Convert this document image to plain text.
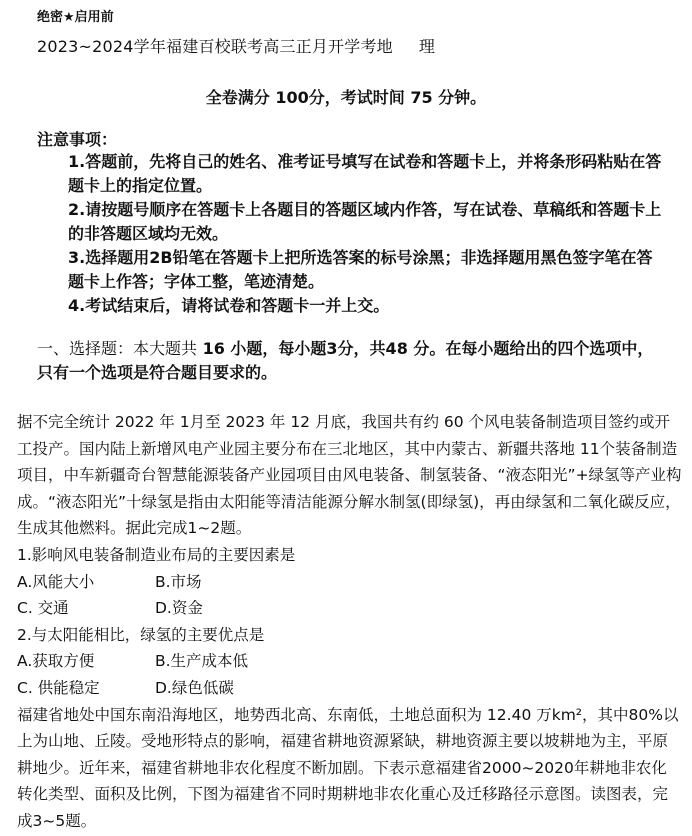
绝密★启用前
2023~2024学年福建百校联考高三正月开学考地 理
全卷满分 100分，考试时间 75 分钟。
注意事项：
1.答题前，先将自己的姓名、准考证号填写在试卷和答题卡上，并将条形码粘贴在答题卡上的指定位置。
2.请按题号顺序在答题卡上各题目的答题区域内作答，写在试卷、草稿纸和答题卡上的非答题区域均无效。
3.选择题用2B铅笔在答题卡上把所选答案的标号涂黑；非选择题用黑色签字笔在答题卡上作答；字体工整，笔迹清楚。
4.考试结束后，请将试卷和答题卡一并上交。
一、选择题：本大题共 16 小题，每小题3分，共48 分。在每小题给出的四个选项中，只有一个选项是符合题目要求的。

据不完全统计 2022 年 1月至 2023 年 12 月底，我国共有约 60 个风电装备制造项目签约或开工投产。国内陆上新增风电产业园主要分布在三北地区，其中内蒙古、新疆共落地 11个装备制造项目，中车新疆奇台智慧能源装备产业园项目由风电装备、制氢装备、“液态阳光”+绿氢等产业构成。“液态阳光”十绿氢是指由太阳能等清洁能源分解水制氢(即绿氢)，再由绿氢和二氧化碳反应，生成其他燃料。据此完成1~2题。

1.影响风电装备制造业布局的主要因素是

A.风能大小	B.市场
C. 交通	D.资金

2.与太阳能相比，绿氢的主要优点是

A.获取方便	B.生产成本低
C. 供能稳定	D.绿色低碳

福建省地处中国东南沿海地区，地势西北高、东南低，土地总面积为 12.40 万km²，其中80%以上为山地、丘陵。受地形特点的影响，福建省耕地资源紧缺，耕地资源主要以坡耕地为主，平原耕地少。近年来，福建省耕地非农化程度不断加剧。下表示意福建省2000~2020年耕地非农化转化类型、面积及比例，下图为福建省不同时期耕地非农化重心及迁移路径示意图。读图表，完成3~5题。
